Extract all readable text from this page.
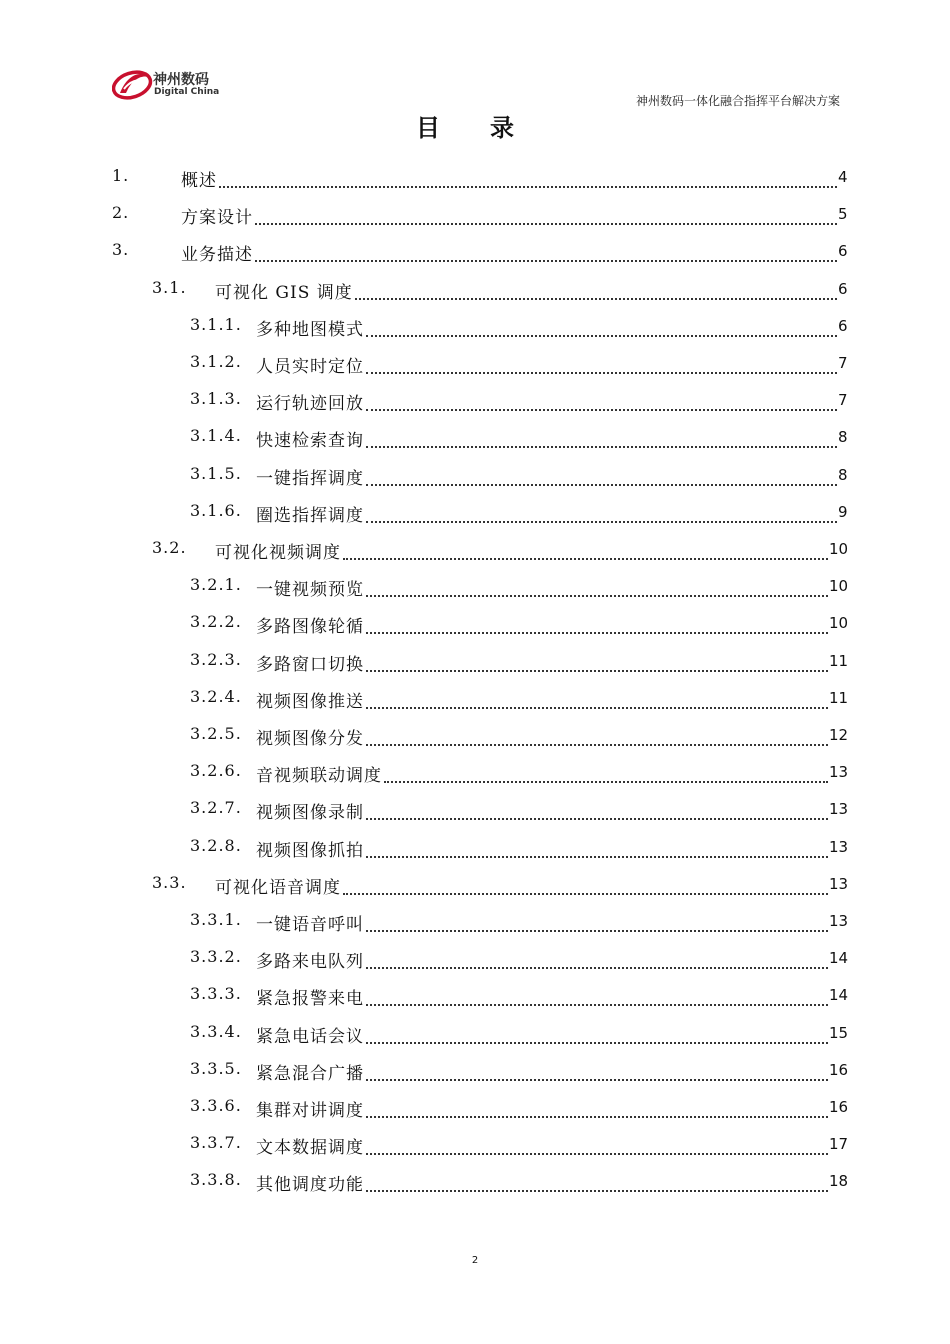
神州数码
Digital China
神州数码一体化融合指挥平台解决方案
目录
1.	概述	4
2.	方案设计	5
3.	业务描述	6
3.1. 可视化 GIS 调度	6
3.1.1. 多种地图模式	6
3.1.2. 人员实时定位	7
3.1.3. 运行轨迹回放	7
3.1.4. 快速检索查询	8
3.1.5. 一键指挥调度	8
3.1.6. 圈选指挥调度	9
3.2. 可视化视频调度	10
3.2.1. 一键视频预览	10
3.2.2. 多路图像轮循	10
3.2.3. 多路窗口切换	11
3.2.4. 视频图像推送	11
3.2.5. 视频图像分发	12
3.2.6. 音视频联动调度	13
3.2.7. 视频图像录制	13
3.2.8. 视频图像抓拍	13
3.3. 可视化语音调度	13
3.3.1. 一键语音呼叫	13
3.3.2. 多路来电队列	14
3.3.3. 紧急报警来电	14
3.3.4. 紧急电话会议	15
3.3.5. 紧急混合广播	16
3.3.6. 集群对讲调度	16
3.3.7. 文本数据调度	17
3.3.8. 其他调度功能	18
2
